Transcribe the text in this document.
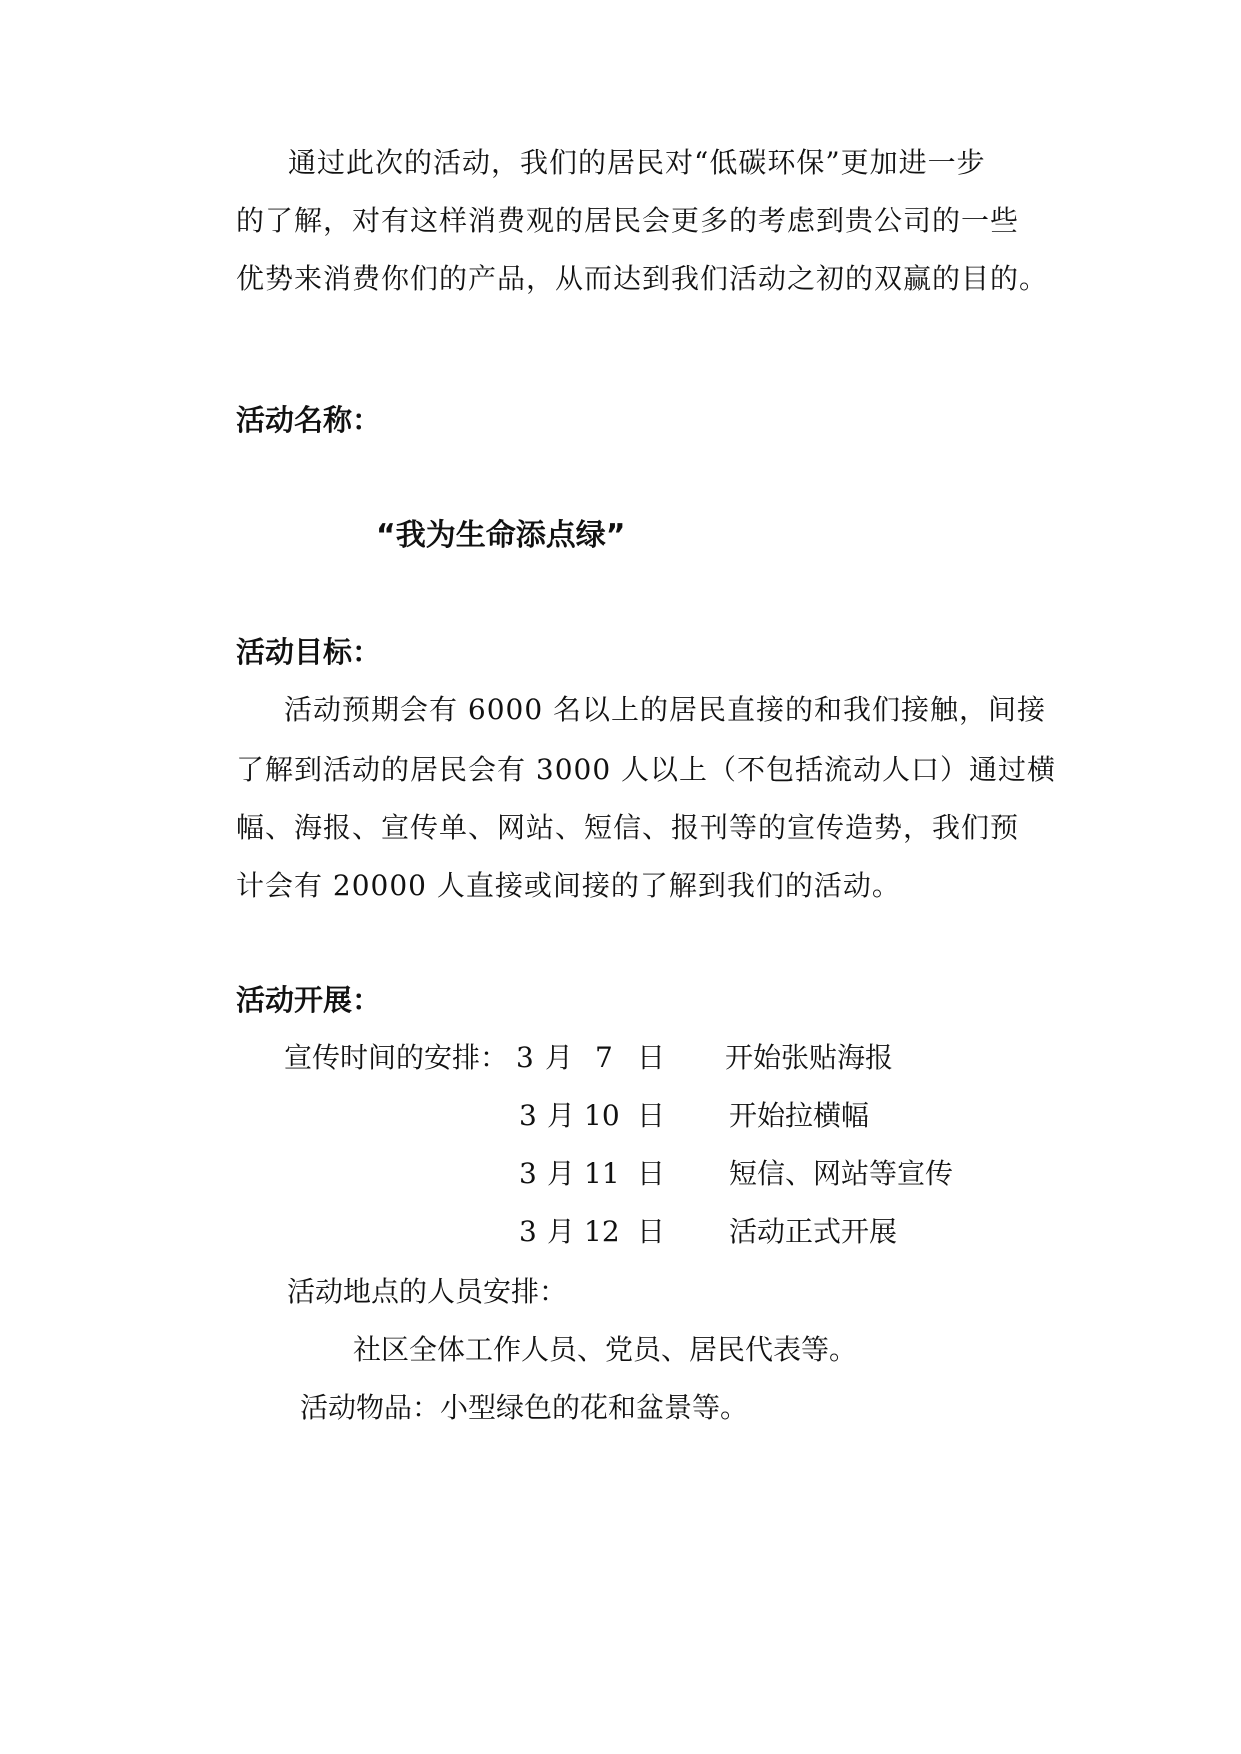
通过此次的活动，我们的居民对“低碳环保”更加进一步
的了解，对有这样消费观的居民会更多的考虑到贵公司的一些
优势来消费你们的产品，从而达到我们活动之初的双赢的目的。
活动名称：
“我为生命添点绿”
活动目标：
活动预期会有 6000 名以上的居民直接的和我们接触，间接
了解到活动的居民会有 3000 人以上（不包括流动人口）通过横
幅、海报、宣传单、网站、短信、报刊等的宣传造势，我们预
计会有 20000 人直接或间接的了解到我们的活动。
活动开展：
宣传时间的安排： 3 月 7 日 开始张贴海报
3 月 10 日 开始拉横幅
3 月 11 日 短信、网站等宣传
3 月 12 日 活动正式开展
活动地点的人员安排：
社区全体工作人员、党员、居民代表等。
活动物品：小型绿色的花和盆景等。
